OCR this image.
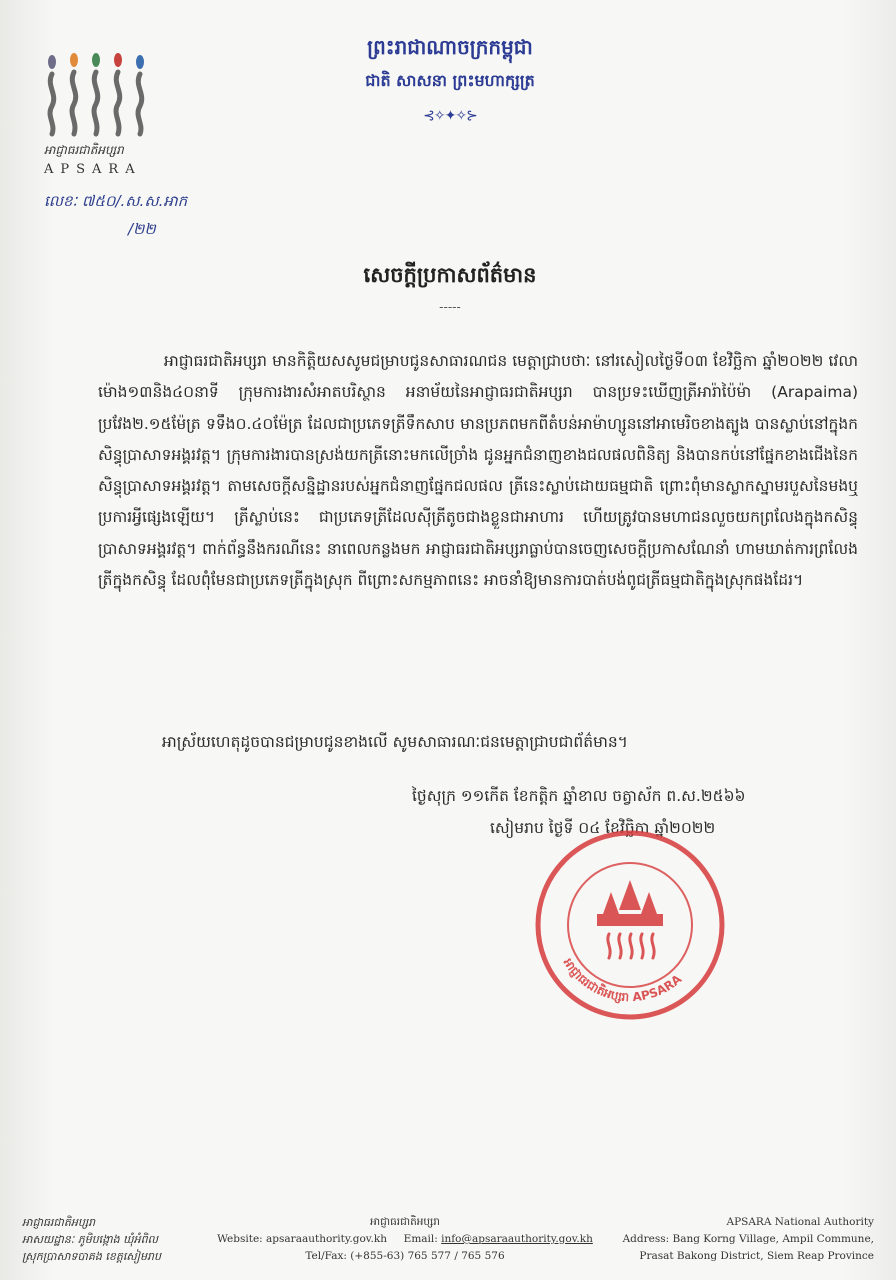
អាជ្ញាធរជាតិអប្សរា
APSARA
លេខៈ ៧៥០/.ស.ស.អាក
/២២
ព្រះរាជាណាចក្រកម្ពុជា
ជាតិ សាសនា ព្រះមហាក្សត្រ
⊰✧✦✧⊱
សេចក្តីប្រកាសព័ត៌មាន
-----

អាជ្ញាធរជាតិអប្សរា មានកិត្តិយសសូមជម្រាបជូនសាធារណជន មេត្តាជ្រាបថាៈ នៅរសៀលថ្ងៃទី០៣ ខែវិច្ឆិកា ឆ្នាំ២០២២ វេលាម៉ោង១៣និង៤០នាទី ក្រុមការងារសំអាតបរិស្ថាន អនាម័យនៃអាជ្ញាធរជាតិអប្សរា បានប្រទះឃើញត្រីអារ៉ាប៉ៃម៉ា (Arapaima) ប្រវែង២.១៥ម៉ែត្រ ទទឹង០.៤០ម៉ែត្រ ដែលជាប្រភេទត្រីទឹកសាប មានប្រភពមកពីតំបន់អាម៉ាហ្សូននៅអាមេរិចខាងត្បូង បានស្លាប់នៅក្នុងកសិន្ធុប្រាសាទអង្គរវត្ត។ ក្រុមការងារបានស្រង់យកត្រីនោះមកលើច្រាំង ជូនអ្នកជំនាញខាងជលផលពិនិត្យ និងបានកប់នៅផ្នែកខាងជើងនៃកសិន្ធុប្រាសាទអង្គរវត្ត។ តាមសេចក្តីសន្និដ្ឋានរបស់អ្នកជំនាញផ្នែកជលផល ត្រីនេះស្លាប់ដោយធម្មជាតិ ព្រោះពុំមានស្លាកស្នាមរបួសនៃមងឬប្រការអ្វីផ្សេងឡើយ។ ត្រីស្លាប់នេះ ជាប្រភេទត្រីដែលស៊ីត្រីតូចជាងខ្លួនជាអាហារ ហើយត្រូវបានមហាជនលួចយកព្រលែងក្នុងកសិន្ធុប្រាសាទអង្គរវត្ត។ ពាក់ព័ន្ធនឹងករណីនេះ នាពេលកន្លងមក អាជ្ញាធរជាតិអប្សរាធ្លាប់បានចេញសេចក្តីប្រកាសណែនាំ ហាមឃាត់ការព្រលែងត្រីក្នុងកសិន្ធុ ដែលពុំមែនជាប្រភេទត្រីក្នុងស្រុក ពីព្រោះសកម្មភាពនេះ អាចនាំឱ្យមានការបាត់បង់ពូជត្រីធម្មជាតិក្នុងស្រុកផងដែរ។

អាស្រ័យហេតុដូចបានជម្រាបជូនខាងលើ សូមសាធារណៈជនមេត្តាជ្រាបជាព័ត៌មាន។
ថ្ងៃសុក្រ ១១កើត ខែកត្តិក ឆ្នាំខាល ចត្វាស័ក ព.ស.២៥៦៦
សៀមរាប ថ្ងៃទី ០៤ ខែវិច្ឆិកា ឆ្នាំ២០២២
អាជ្ញាធរជាតិអប្សរា APSARA
អាជ្ញាធរជាតិអប្សរា
អាសយដ្ឋានៈ ភូមិបង្កោង ឃុំអំពិល
ស្រុកប្រាសាទបាគង ខេត្តសៀមរាប
អាជ្ញាធរជាតិអប្សរា
Website: apsaraauthority.gov.kh Email: info@apsaraauthority.gov.kh
Tel/Fax: (+855-63) 765 577 / 765 576
APSARA National Authority
Address: Bang Korng Village, Ampil Commune,
Prasat Bakong District, Siem Reap Province
